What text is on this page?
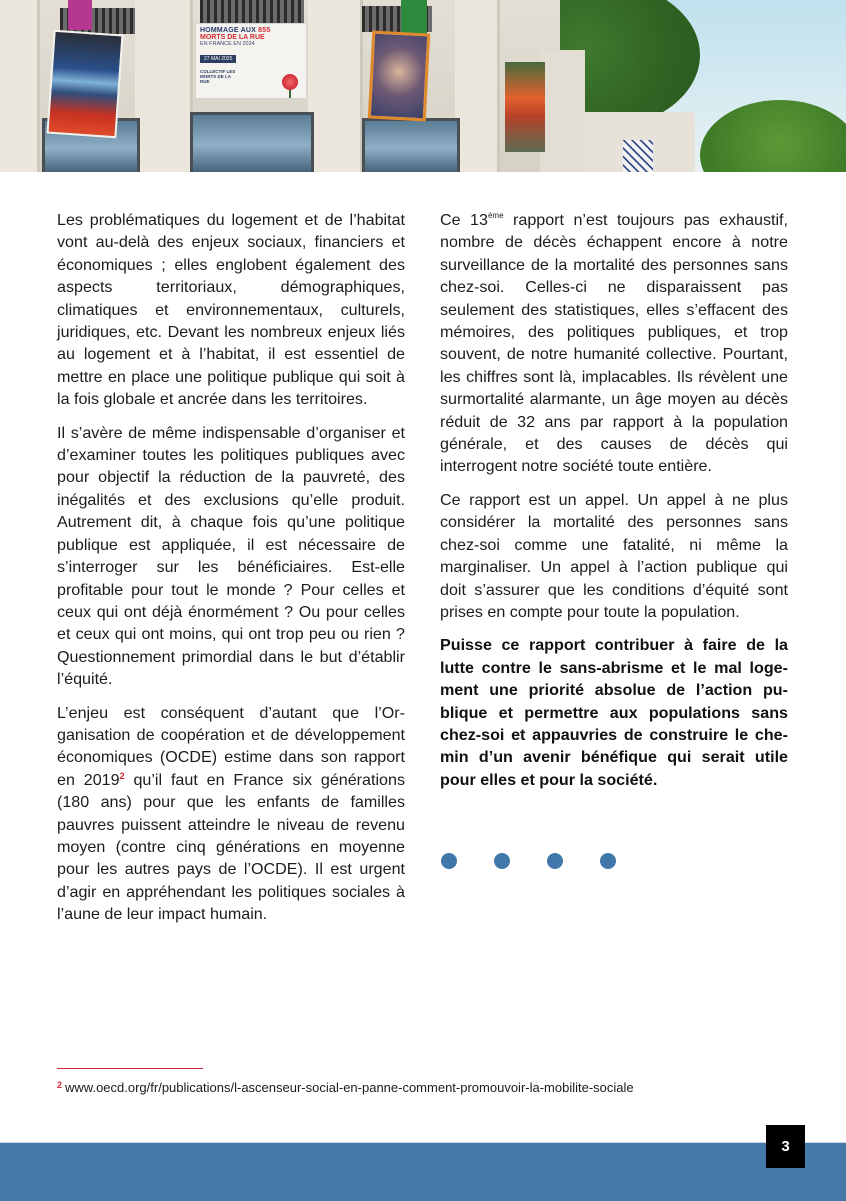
HOMMAGE AUX 855
MORTS DE LA RUE
EN FRANCE EN 2024
27 MAI 2025
COLLECTIF LES MORTS DE LA RUE

Les problématiques du logement et de l’habitat vont au-delà des enjeux sociaux, financiers et économiques ; elles englobent également des aspects territoriaux, démographiques, climatiques et environnementaux, culturels, juridiques, etc. Devant les nombreux enjeux liés au logement et à l’habitat, il est essentiel de mettre en place une politique publique qui soit à la fois globale et ancrée dans les territoires.

Il s’avère de même indispensable d’organiser et d’examiner toutes les politiques publiques avec pour objectif la réduction de la pauvreté, des inégalités et des exclusions qu’elle produit. Autrement dit, à chaque fois qu’une politique publique est appliquée, il est nécessaire de s’interroger sur les bénéficiaires. Est-elle profitable pour tout le monde ? Pour celles et ceux qui ont déjà énormément ? Ou pour celles et ceux qui ont moins, qui ont trop peu ou rien ? Questionnement primordial dans le but d’établir l’équité.

L’enjeu est conséquent d’autant que l’Organisation de coopération et de développement économiques (OCDE) estime dans son rapport en 2019$^2$ qu’il faut en France six générations (180 ans) pour que les enfants de familles pauvres puissent atteindre le niveau de revenu moyen (contre cinq générations en moyenne pour les autres pays de l’OCDE). Il est urgent d’agir en appréhendant les politiques sociales à l’aune de leur impact humain.

Ce 13ème rapport n’est toujours pas exhaustif, nombre de décès échappent encore à notre surveillance de la mortalité des personnes sans chez-soi. Celles-ci ne disparaissent pas seulement des statistiques, elles s’effacent des mémoires, des politiques publiques, et trop souvent, de notre humanité collective. Pourtant, les chiffres sont là, implacables. Ils révèlent une surmortalité alarmante, un âge moyen au décès réduit de 32 ans par rapport à la population générale, et des causes de décès qui interrogent notre société toute entière.

Ce rapport est un appel. Un appel à ne plus considérer la mortalité des personnes sans chez-soi comme une fatalité, ni même la marginaliser. Un appel à l’action publique qui doit s’assurer que les conditions d’équité sont prises en compte pour toute la population.

Puisse ce rapport contribuer à faire de la lutte contre le sans-abrisme et le mal logement une priorité absolue de l’action publique et permettre aux populations sans chez-soi et appauvries de construire le chemin d’un avenir bénéfique qui serait utile pour elles et pour la société.

$^2$ www.oecd.org/fr/publications/l-ascenseur-social-en-panne-comment-promouvoir-la-mobilite-sociale
3
